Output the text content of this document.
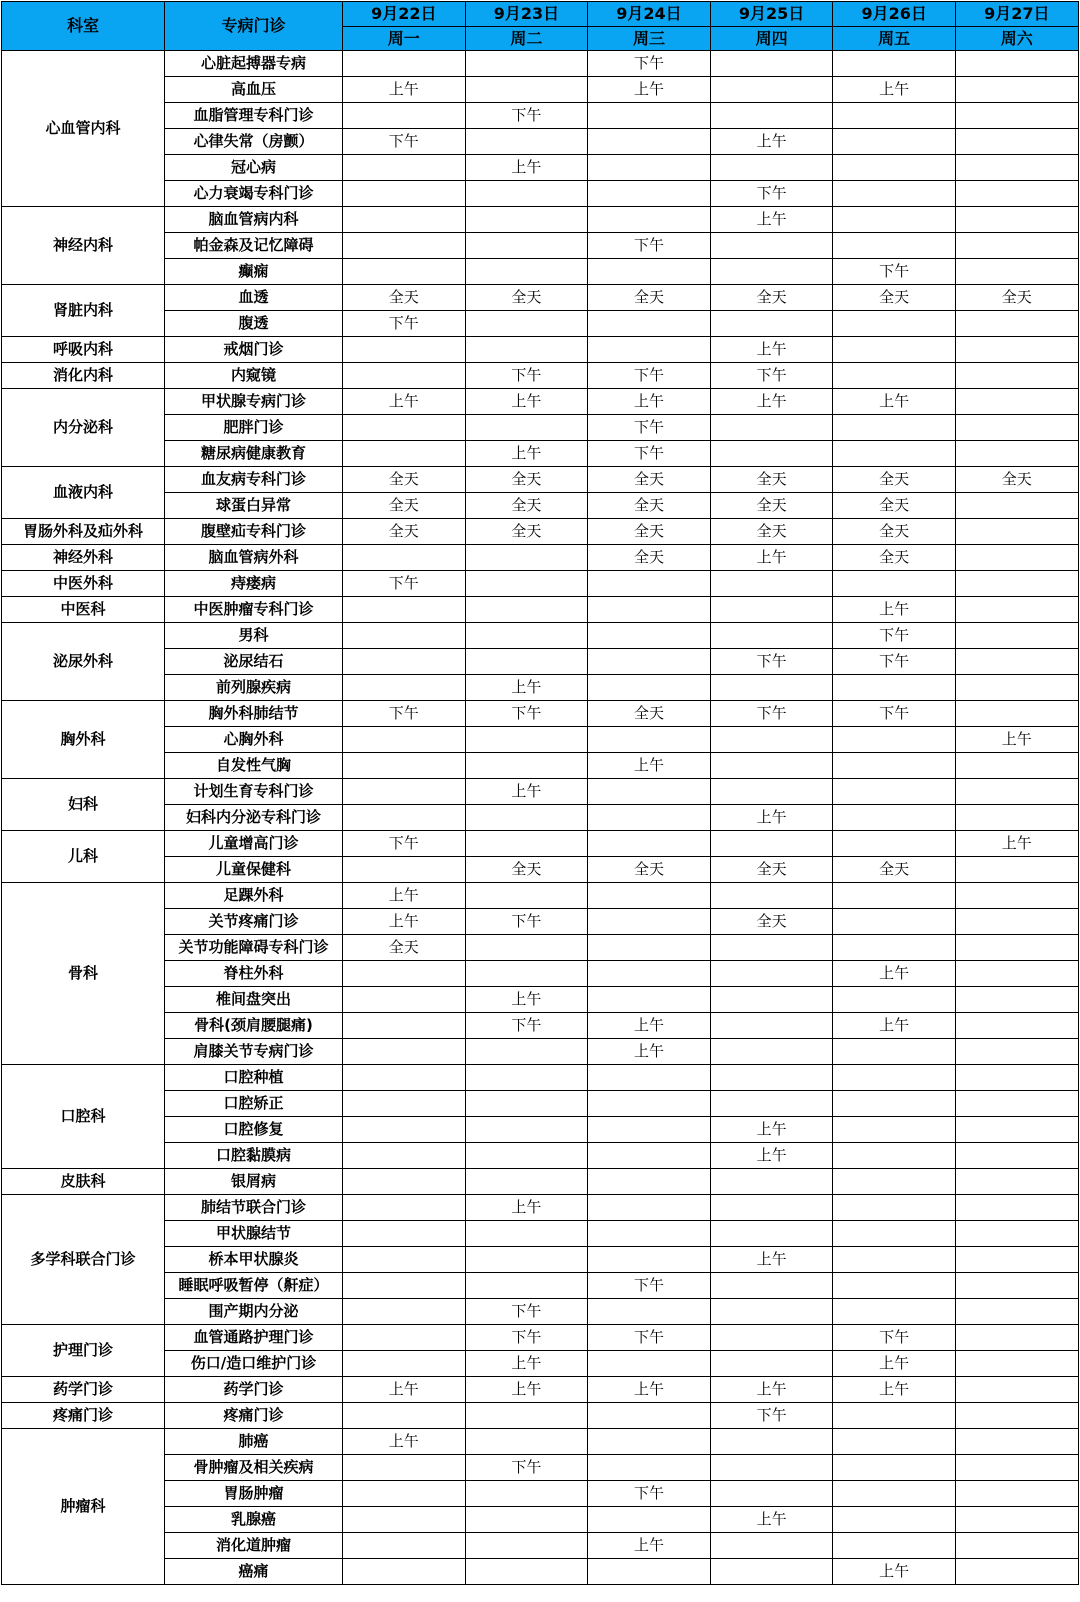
科室	专病门诊	9月22日	9月23日	9月24日	9月25日	9月26日	9月27日
		周一	周二	周三	周四	周五	周六
心血管内科	心脏起搏器专病			下午			
	高血压	上午		上午		上午	
	血脂管理专科门诊		下午				
	心律失常（房颤）	下午			上午		
	冠心病		上午				
	心力衰竭专科门诊				下午		
神经内科	脑血管病内科				上午		
	帕金森及记忆障碍			下午			
	癫痫					下午	
肾脏内科	血透	全天	全天	全天	全天	全天	全天
	腹透	下午					
呼吸内科	戒烟门诊				上午		
消化内科	内窥镜		下午	下午	下午		
内分泌科	甲状腺专病门诊	上午	上午	上午	上午	上午	
	肥胖门诊			下午			
	糖尿病健康教育		上午	下午			
血液内科	血友病专科门诊	全天	全天	全天	全天	全天	全天
	球蛋白异常	全天	全天	全天	全天	全天	
胃肠外科及疝外科	腹壁疝专科门诊	全天	全天	全天	全天	全天	
神经外科	脑血管病外科			全天	上午	全天	
中医外科	痔瘘病	下午					
中医科	中医肿瘤专科门诊					上午	
泌尿外科	男科					下午	
	泌尿结石				下午	下午	
	前列腺疾病		上午				
胸外科	胸外科肺结节	下午	下午	全天	下午	下午	
	心胸外科						上午
	自发性气胸			上午			
妇科	计划生育专科门诊		上午				
	妇科内分泌专科门诊				上午		
儿科	儿童增高门诊	下午					上午
	儿童保健科		全天	全天	全天	全天	
骨科	足踝外科	上午					
	关节疼痛门诊	上午	下午		全天		
	关节功能障碍专科门诊	全天					
	脊柱外科					上午	
	椎间盘突出		上午				
	骨科(颈肩腰腿痛)		下午	上午		上午	
	肩膝关节专病门诊			上午			
口腔科	口腔种植						
	口腔矫正						
	口腔修复				上午		
	口腔黏膜病				上午		
皮肤科	银屑病						
多学科联合门诊	肺结节联合门诊		上午				
	甲状腺结节						
	桥本甲状腺炎				上午		
	睡眠呼吸暂停（鼾症）			下午			
	围产期内分泌		下午				
护理门诊	血管通路护理门诊		下午	下午		下午	
	伤口/造口维护门诊		上午			上午	
药学门诊	药学门诊	上午	上午	上午	上午	上午	
疼痛门诊	疼痛门诊				下午		
肿瘤科	肺癌	上午					
	骨肿瘤及相关疾病		下午				
	胃肠肿瘤			下午			
	乳腺癌				上午		
	消化道肿瘤			上午			
	癌痛					上午	
